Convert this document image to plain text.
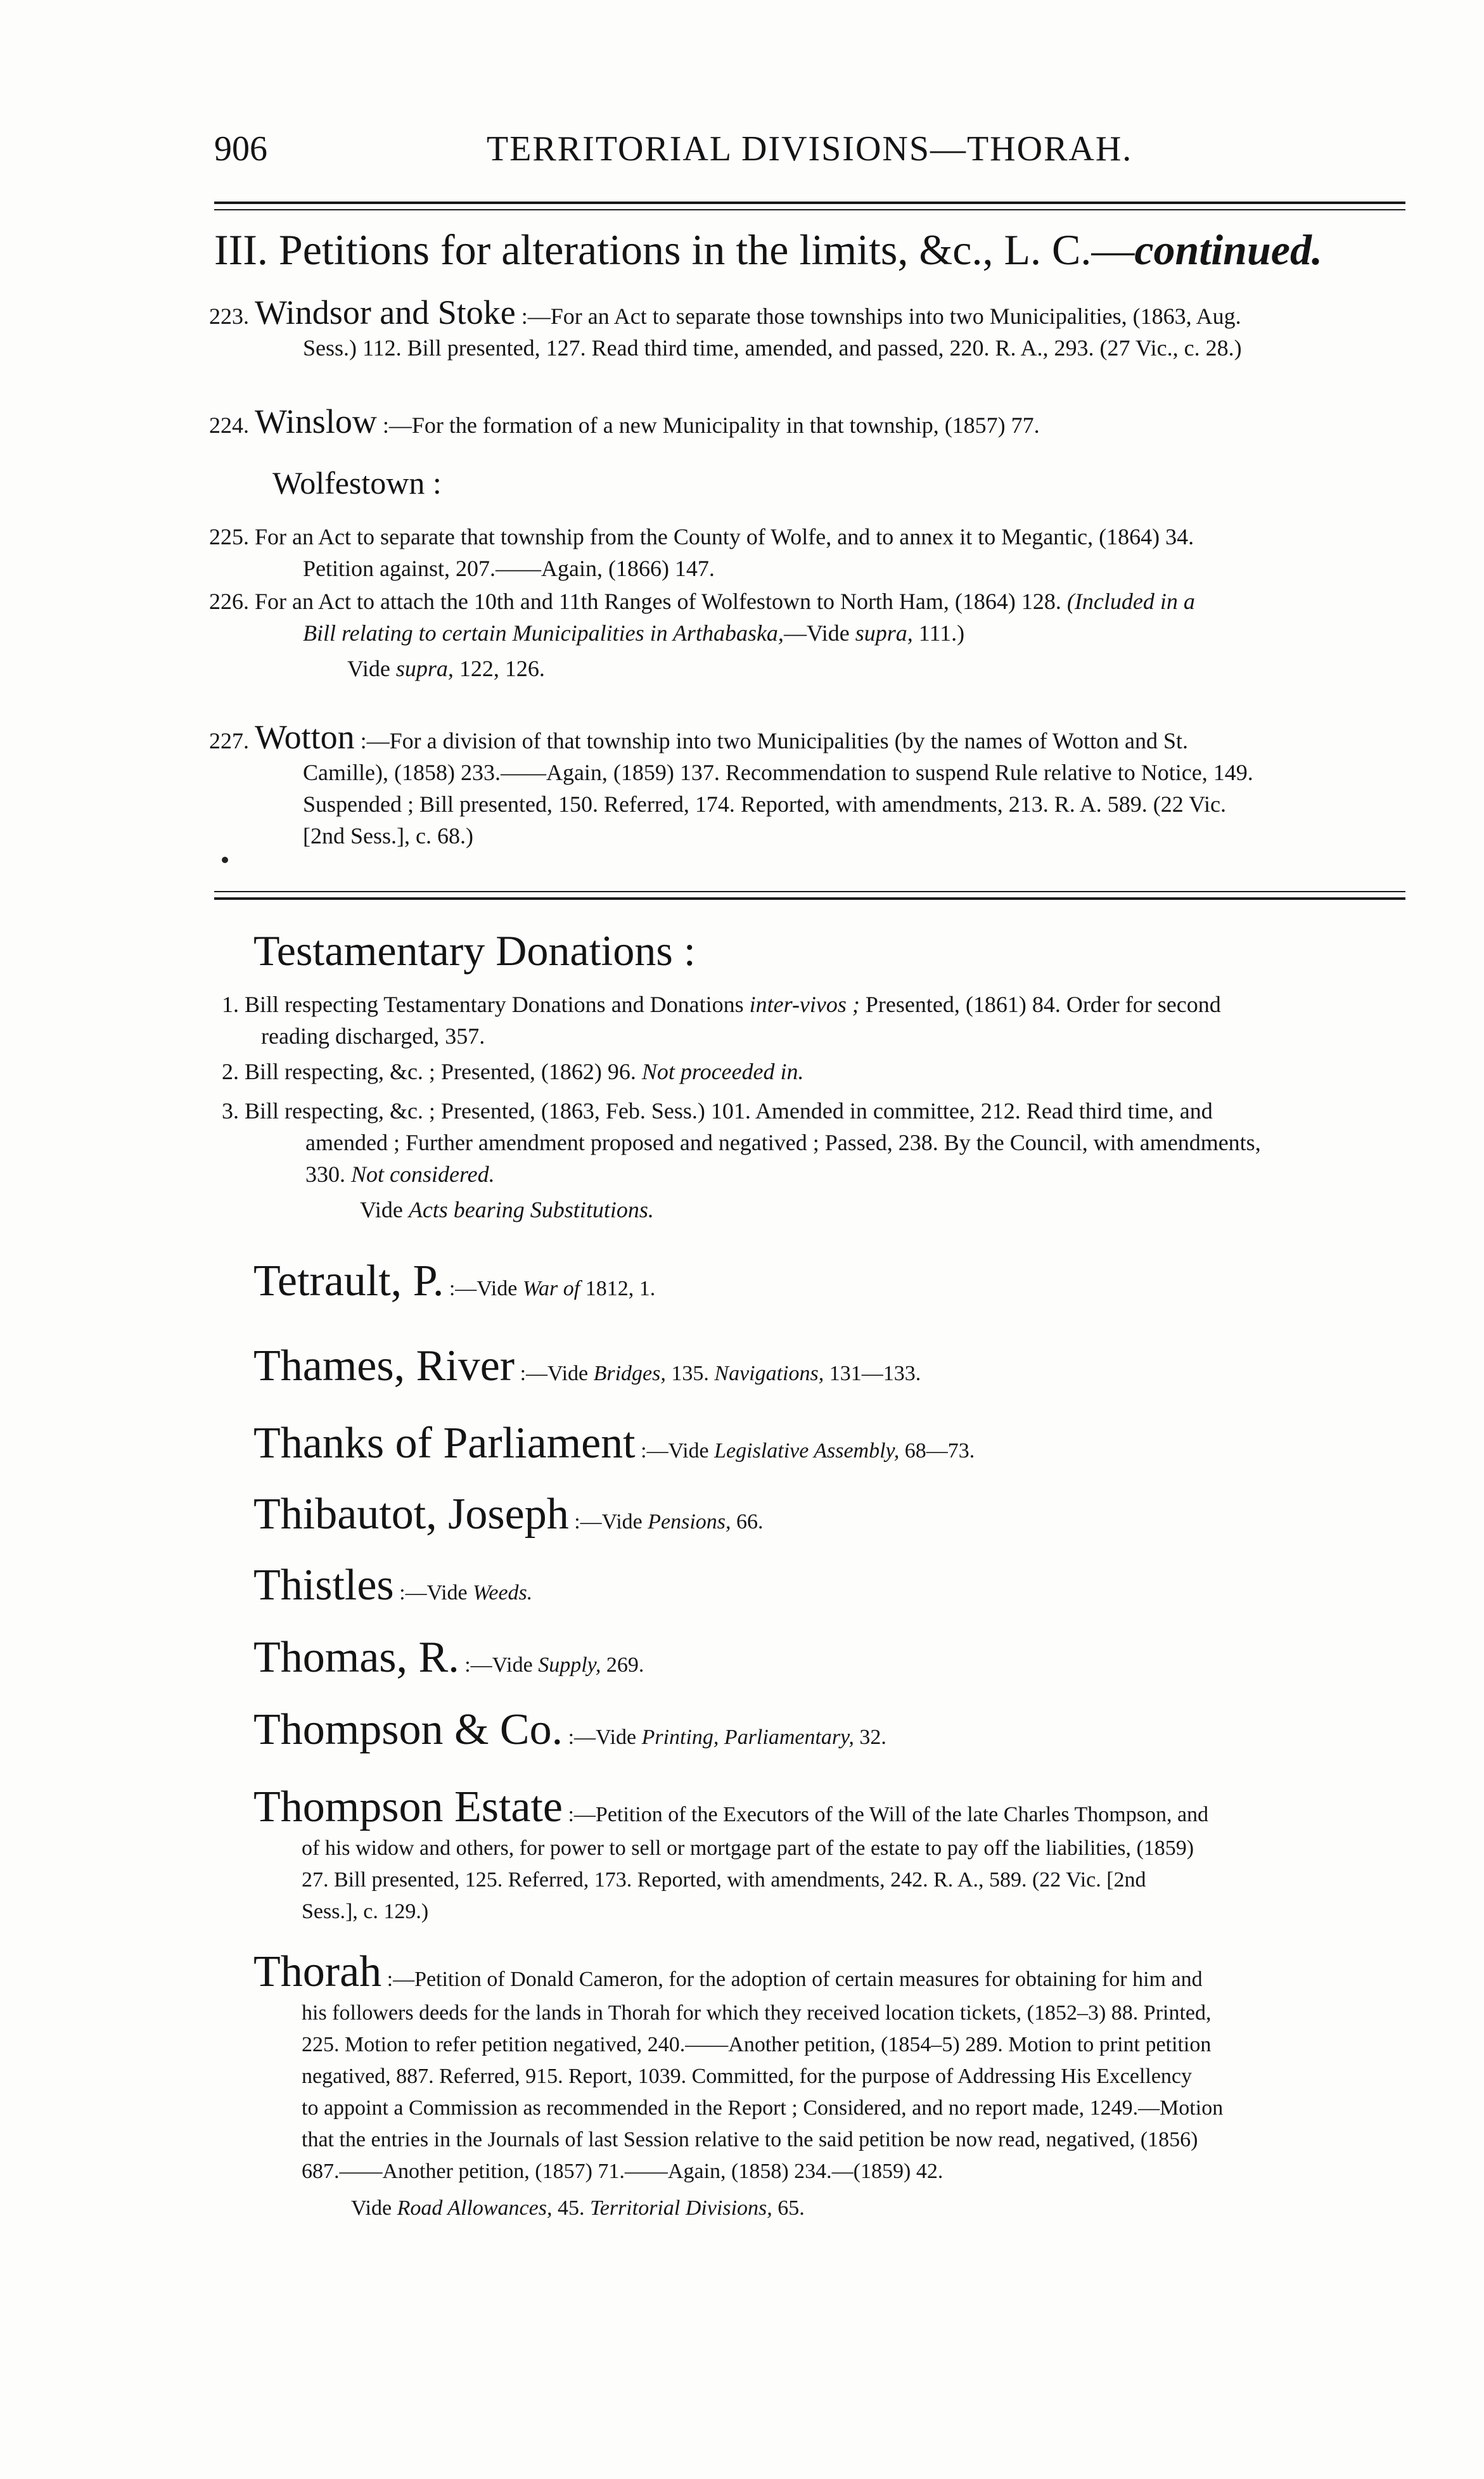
906	TERRITORIAL DIVISIONS—THORAH.
III. Petitions for alterations in the limits, &c., L. C.—continued.
223. Windsor and Stoke :—For an Act to separate those townships into two Municipalities, (1863, Aug.
Sess.) 112. Bill presented, 127. Read third time, amended, and passed, 220. R. A., 293. (27 Vic., c. 28.)
224. Winslow :—For the formation of a new Municipality in that township, (1857) 77.
Wolfestown :
225. For an Act to separate that township from the County of Wolfe, and to annex it to Megantic, (1864) 34.
Petition against, 207.——Again, (1866) 147.
226. For an Act to attach the 10th and 11th Ranges of Wolfestown to North Ham, (1864) 128. (Included in a
Bill relating to certain Municipalities in Arthabaska,—Vide supra, 111.)
Vide supra, 122, 126.
227. Wotton :—For a division of that township into two Municipalities (by the names of Wotton and St.
Camille), (1858) 233.——Again, (1859) 137. Recommendation to suspend Rule relative to Notice, 149.
Suspended ; Bill presented, 150. Referred, 174. Reported, with amendments, 213. R. A. 589. (22 Vic.
[2nd Sess.], c. 68.)
Testamentary Donations :
1. Bill respecting Testamentary Donations and Donations inter-vivos ; Presented, (1861) 84. Order for second
reading discharged, 357.
2. Bill respecting, &c. ; Presented, (1862) 96. Not proceeded in.
3. Bill respecting, &c. ; Presented, (1863, Feb. Sess.) 101. Amended in committee, 212. Read third time, and
amended ; Further amendment proposed and negatived ; Passed, 238. By the Council, with amendments,
330. Not considered.
Vide Acts bearing Substitutions.
Tetrault, P. :—Vide War of 1812, 1.
Thames, River :—Vide Bridges, 135. Navigations, 131—133.
Thanks of Parliament :—Vide Legislative Assembly, 68—73.
Thibautot, Joseph :—Vide Pensions, 66.
Thistles :—Vide Weeds.
Thomas, R. :—Vide Supply, 269.
Thompson & Co. :—Vide Printing, Parliamentary, 32.
Thompson Estate :—Petition of the Executors of the Will of the late Charles Thompson, and
of his widow and others, for power to sell or mortgage part of the estate to pay off the liabilities, (1859)
27. Bill presented, 125. Referred, 173. Reported, with amendments, 242. R. A., 589. (22 Vic. [2nd
Sess.], c. 129.)
Thorah :—Petition of Donald Cameron, for the adoption of certain measures for obtaining for him and
his followers deeds for the lands in Thorah for which they received location tickets, (1852–3) 88. Printed,
225. Motion to refer petition negatived, 240.——Another petition, (1854–5) 289. Motion to print petition
negatived, 887. Referred, 915. Report, 1039. Committed, for the purpose of Addressing His Excellency
to appoint a Commission as recommended in the Report ; Considered, and no report made, 1249.—Motion
that the entries in the Journals of last Session relative to the said petition be now read, negatived, (1856)
687.——Another petition, (1857) 71.——Again, (1858) 234.—(1859) 42.
Vide Road Allowances, 45. Territorial Divisions, 65.
